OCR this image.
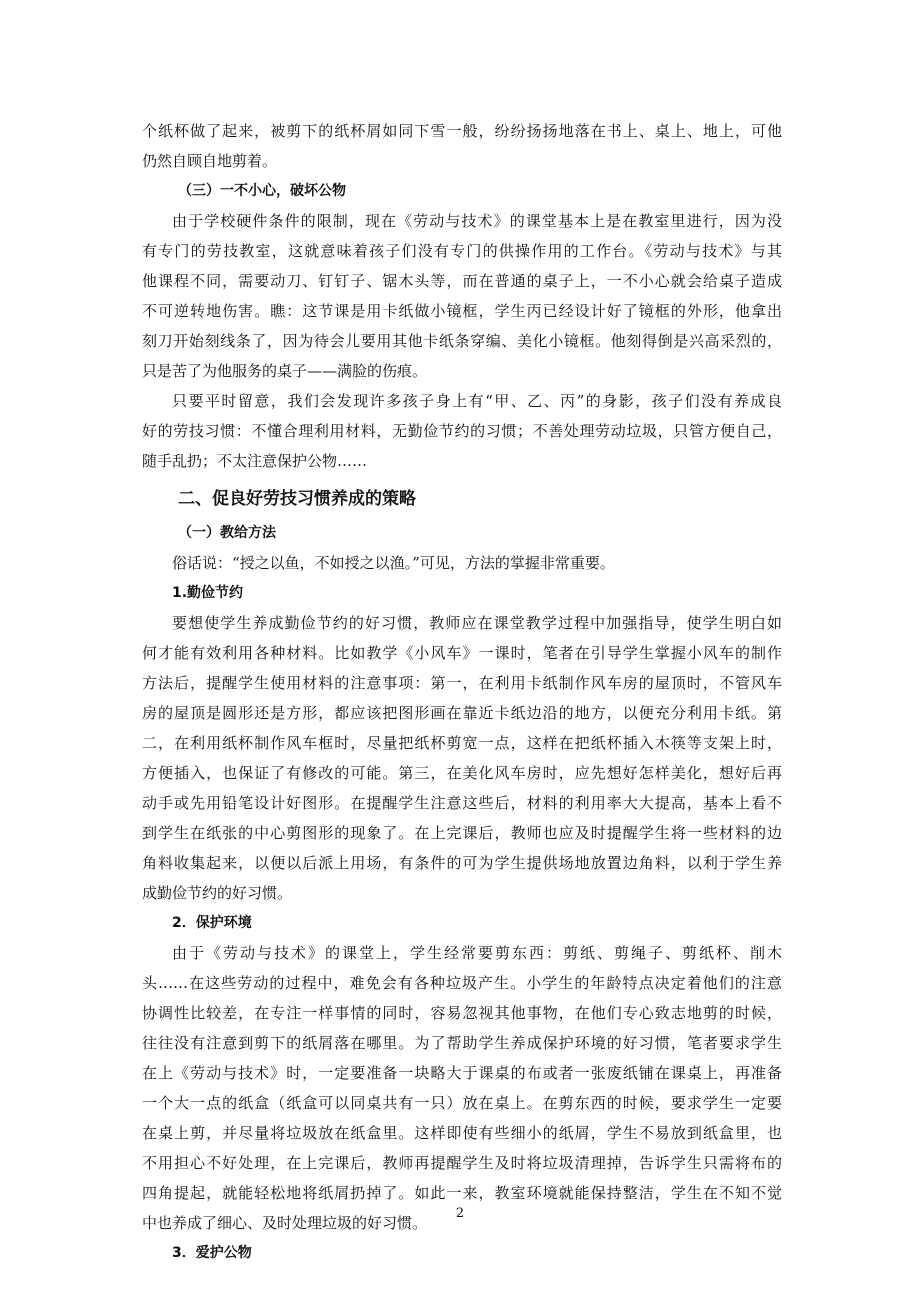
个纸杯做了起来，被剪下的纸杯屑如同下雪一般，纷纷扬扬地落在书上、桌上、地上，可他
仍然自顾自地剪着。
（三）一不小心，破坏公物
由于学校硬件条件的限制，现在《劳动与技术》的课堂基本上是在教室里进行，因为没
有专门的劳技教室，这就意味着孩子们没有专门的供操作用的工作台。《劳动与技术》与其
他课程不同，需要动刀、钉钉子、锯木头等，而在普通的桌子上，一不小心就会给桌子造成
不可逆转地伤害。瞧：这节课是用卡纸做小镜框，学生丙已经设计好了镜框的外形，他拿出
刻刀开始刻线条了，因为待会儿要用其他卡纸条穿编、美化小镜框。他刻得倒是兴高采烈的，
只是苦了为他服务的桌子——满脸的伤痕。
只要平时留意，我们会发现许多孩子身上有“甲、乙、丙”的身影，孩子们没有养成良
好的劳技习惯：不懂合理利用材料，无勤俭节约的习惯；不善处理劳动垃圾，只管方便自己，
随手乱扔；不太注意保护公物……
二、促良好劳技习惯养成的策略
（一）教给方法
俗话说：“授之以鱼，不如授之以渔。”可见，方法的掌握非常重要。
1.勤俭节约
要想使学生养成勤俭节约的好习惯，教师应在课堂教学过程中加强指导，使学生明白如
何才能有效利用各种材料。比如教学《小风车》一课时，笔者在引导学生掌握小风车的制作
方法后，提醒学生使用材料的注意事项：第一，在利用卡纸制作风车房的屋顶时，不管风车
房的屋顶是圆形还是方形，都应该把图形画在靠近卡纸边沿的地方，以便充分利用卡纸。第
二，在利用纸杯制作风车框时，尽量把纸杯剪宽一点，这样在把纸杯插入木筷等支架上时，
方便插入，也保证了有修改的可能。第三，在美化风车房时，应先想好怎样美化，想好后再
动手或先用铅笔设计好图形。在提醒学生注意这些后，材料的利用率大大提高，基本上看不
到学生在纸张的中心剪图形的现象了。在上完课后，教师也应及时提醒学生将一些材料的边
角料收集起来，以便以后派上用场，有条件的可为学生提供场地放置边角料，以利于学生养
成勤俭节约的好习惯。
2．保护环境
由于《劳动与技术》的课堂上，学生经常要剪东西：剪纸、剪绳子、剪纸杯、削木
头……在这些劳动的过程中，难免会有各种垃圾产生。小学生的年龄特点决定着他们的注意
协调性比较差，在专注一样事情的同时，容易忽视其他事物，在他们专心致志地剪的时候，
往往没有注意到剪下的纸屑落在哪里。为了帮助学生养成保护环境的好习惯，笔者要求学生
在上《劳动与技术》时，一定要准备一块略大于课桌的布或者一张废纸铺在课桌上，再准备
一个大一点的纸盒（纸盒可以同桌共有一只）放在桌上。在剪东西的时候，要求学生一定要
在桌上剪，并尽量将垃圾放在纸盒里。这样即使有些细小的纸屑，学生不易放到纸盒里，也
不用担心不好处理，在上完课后，教师再提醒学生及时将垃圾清理掉，告诉学生只需将布的
四角提起，就能轻松地将纸屑扔掉了。如此一来，教室环境就能保持整洁，学生在不知不觉
中也养成了细心、及时处理垃圾的好习惯。
3．爱护公物
2
